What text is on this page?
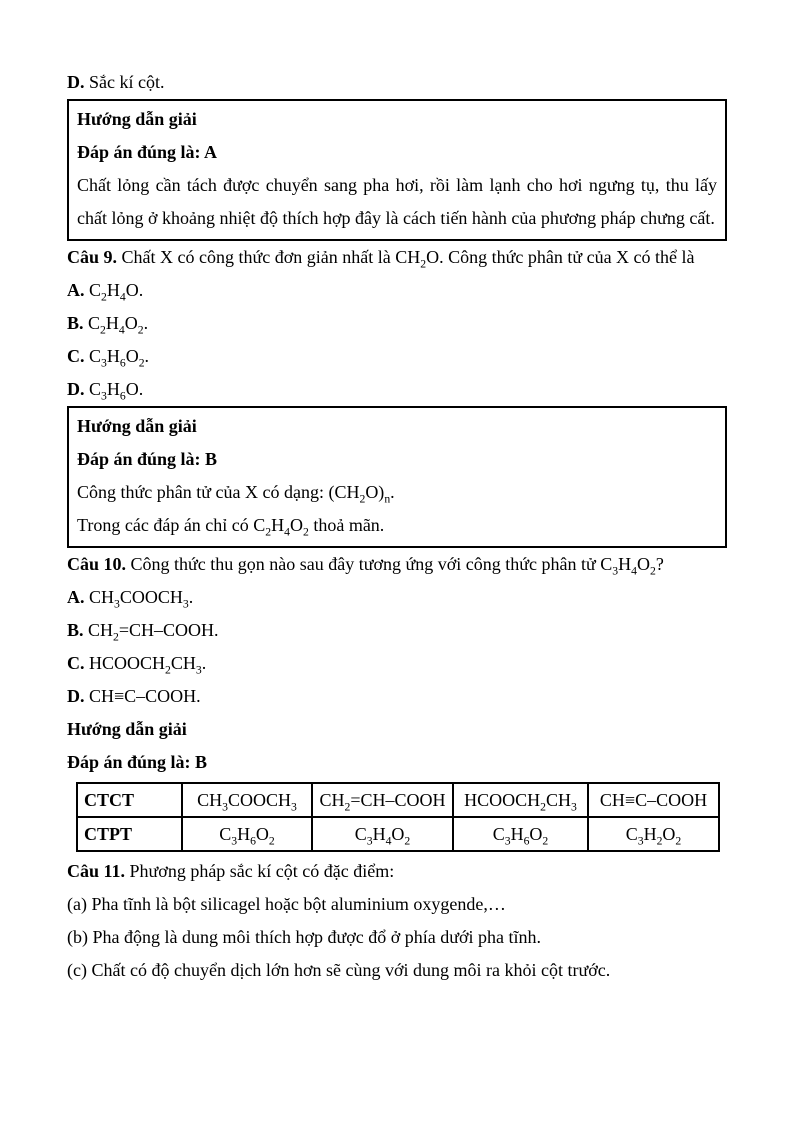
D. Sắc kí cột.

Hướng dẫn giải

Đáp án đúng là: A

Chất lỏng cần tách được chuyển sang pha hơi, rồi làm lạnh cho hơi ngưng tụ, thu lấy chất lỏng ở khoảng nhiệt độ thích hợp đây là cách tiến hành của phương pháp chưng cất.

Câu 9. Chất X có công thức đơn giản nhất là $CH_2O$. Công thức phân tử của X có thể là

A. $C_2H_4O$.

B. $C_2H_4O_2$.

C. $C_3H_6O_2$.

D. $C_3H_6O$.

Hướng dẫn giải

Đáp án đúng là: B

Công thức phân tử của X có dạng: $(CH_2O)_n$.

Trong các đáp án chỉ có $C_2H_4O_2$ thoả mãn.

Câu 10. Công thức thu gọn nào sau đây tương ứng với công thức phân tử $C_3H_4O_2$?

A. $CH_3COOCH_3$.

B. $CH_2=CH$–COOH.

C. $HCOOCH_2CH_3$.

D. CH≡C–COOH.

Hướng dẫn giải

Đáp án đúng là: B

CTCT	$CH_3COOCH_3$	$CH_2=CH$–COOH	$HCOOCH_2CH_3$	CH≡C–COOH
CTPT	$C_3H_6O_2$	$C_3H_4O_2$	$C_3H_6O_2$	$C_3H_2O_2$

Câu 11. Phương pháp sắc kí cột có đặc điểm:

(a) Pha tĩnh là bột silicagel hoặc bột aluminium oxygende,…

(b) Pha động là dung môi thích hợp được đổ ở phía dưới pha tĩnh.

(c) Chất có độ chuyển dịch lớn hơn sẽ cùng với dung môi ra khỏi cột trước.
